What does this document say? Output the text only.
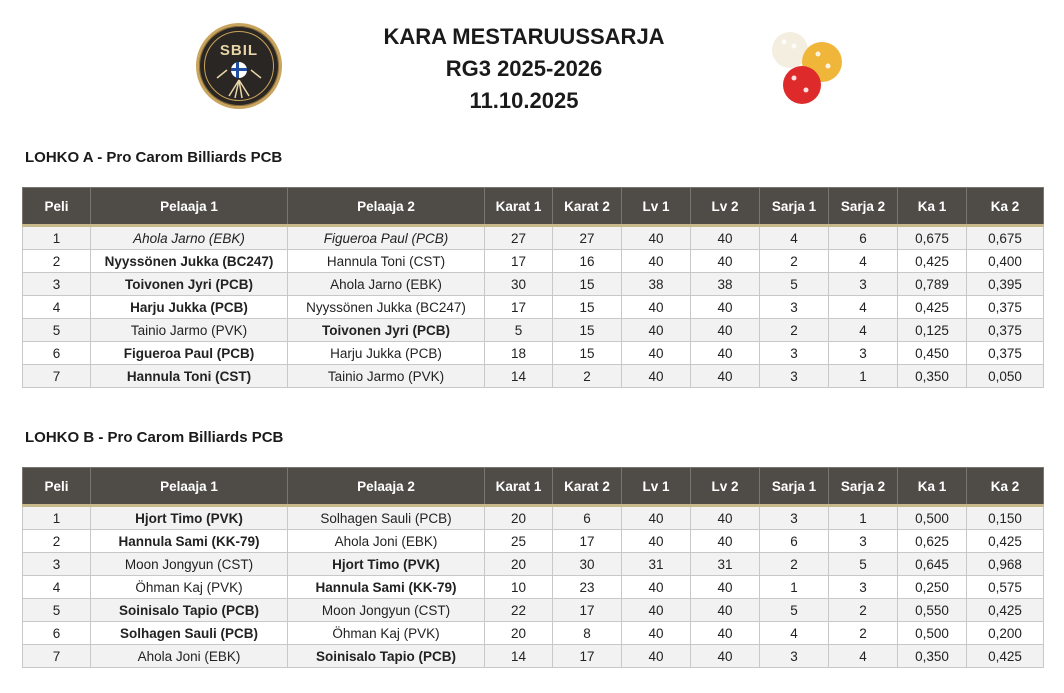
SBIL
KARA MESTARUUSSARJA
RG3 2025-2026
11.10.2025
LOHKO A - Pro Carom Billiards PCB
Peli	Pelaaja 1	Pelaaja 2	Karat 1	Karat 2	Lv 1	Lv 2	Sarja 1	Sarja 2	Ka 1	Ka 2
1	Ahola Jarno (EBK)	Figueroa Paul (PCB)	27	27	40	40	4	6	0,675	0,675
2	Nyyssönen Jukka (BC247)	Hannula Toni (CST)	17	16	40	40	2	4	0,425	0,400
3	Toivonen Jyri (PCB)	Ahola Jarno (EBK)	30	15	38	38	5	3	0,789	0,395
4	Harju Jukka (PCB)	Nyyssönen Jukka (BC247)	17	15	40	40	3	4	0,425	0,375
5	Tainio Jarmo (PVK)	Toivonen Jyri (PCB)	5	15	40	40	2	4	0,125	0,375
6	Figueroa Paul (PCB)	Harju Jukka (PCB)	18	15	40	40	3	3	0,450	0,375
7	Hannula Toni (CST)	Tainio Jarmo (PVK)	14	2	40	40	3	1	0,350	0,050
LOHKO B - Pro Carom Billiards PCB
Peli	Pelaaja 1	Pelaaja 2	Karat 1	Karat 2	Lv 1	Lv 2	Sarja 1	Sarja 2	Ka 1	Ka 2
1	Hjort Timo (PVK)	Solhagen Sauli (PCB)	20	6	40	40	3	1	0,500	0,150
2	Hannula Sami (KK-79)	Ahola Joni (EBK)	25	17	40	40	6	3	0,625	0,425
3	Moon Jongyun (CST)	Hjort Timo (PVK)	20	30	31	31	2	5	0,645	0,968
4	Öhman Kaj (PVK)	Hannula Sami (KK-79)	10	23	40	40	1	3	0,250	0,575
5	Soinisalo Tapio (PCB)	Moon Jongyun (CST)	22	17	40	40	5	2	0,550	0,425
6	Solhagen Sauli (PCB)	Öhman Kaj (PVK)	20	8	40	40	4	2	0,500	0,200
7	Ahola Joni (EBK)	Soinisalo Tapio (PCB)	14	17	40	40	3	4	0,350	0,425
